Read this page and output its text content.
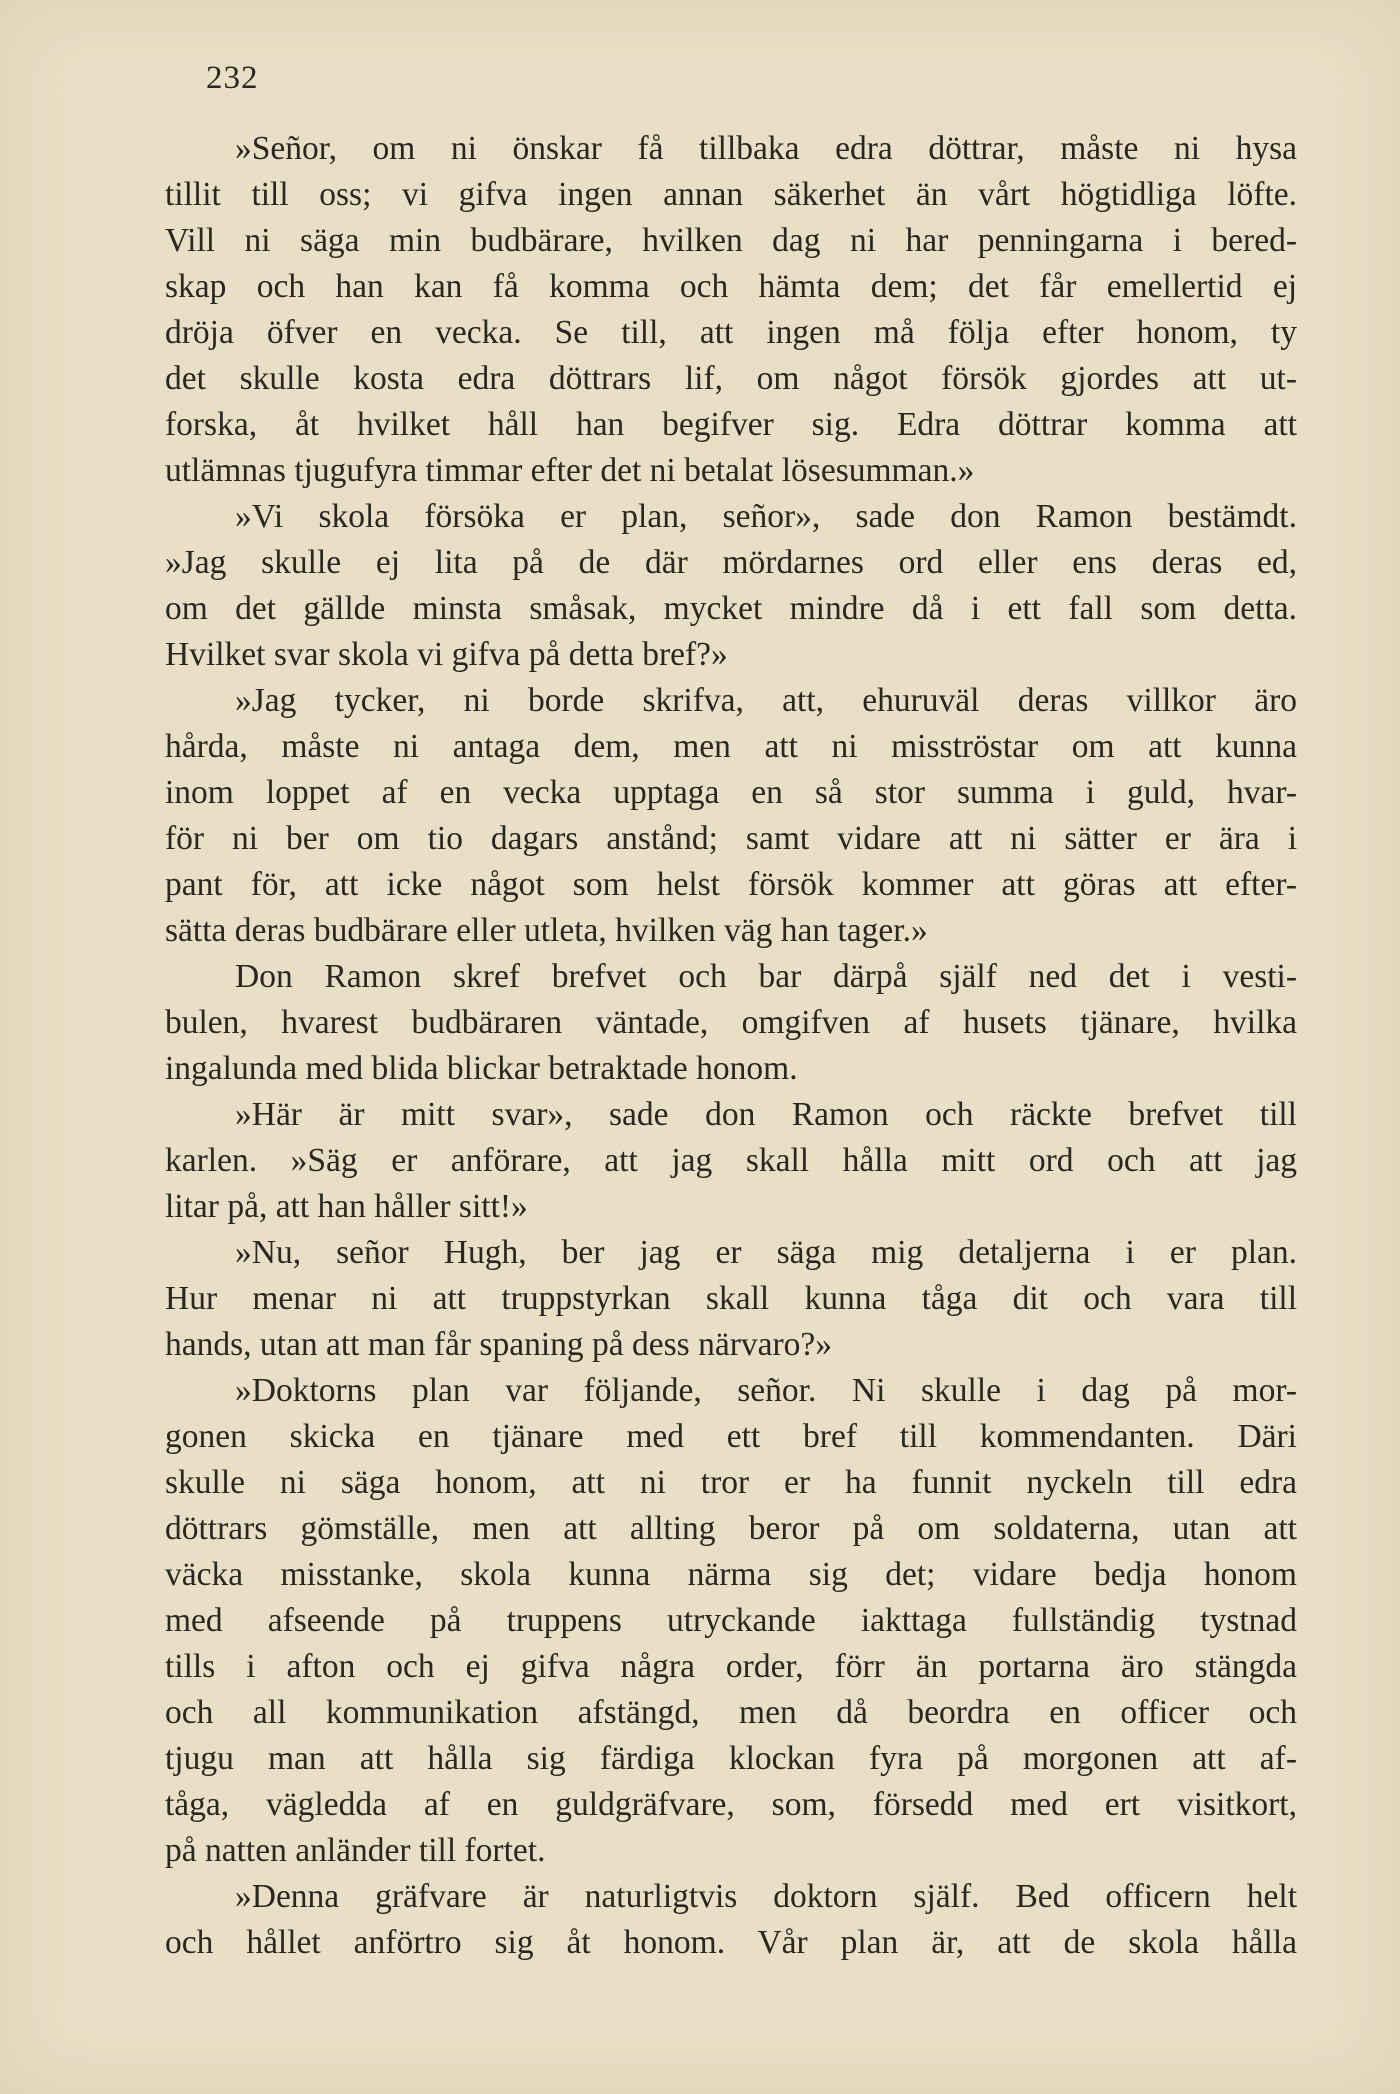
232
»Señor, om ni önskar få tillbaka edra döttrar, måste ni hysa
tillit till oss; vi gifva ingen annan säkerhet än vårt högtidliga löfte.
Vill ni säga min budbärare, hvilken dag ni har penningarna i bered-
skap och han kan få komma och hämta dem; det får emellertid ej
dröja öfver en vecka. Se till, att ingen må följa efter honom, ty
det skulle kosta edra döttrars lif, om något försök gjordes att ut-
forska, åt hvilket håll han begifver sig. Edra döttrar komma att
utlämnas tjugufyra timmar efter det ni betalat lösesumman.»
»Vi skola försöka er plan, señor», sade don Ramon bestämdt.
»Jag skulle ej lita på de där mördarnes ord eller ens deras ed,
om det gällde minsta småsak, mycket mindre då i ett fall som detta.
Hvilket svar skola vi gifva på detta bref?»
»Jag tycker, ni borde skrifva, att, ehuruväl deras villkor äro
hårda, måste ni antaga dem, men att ni misströstar om att kunna
inom loppet af en vecka upptaga en så stor summa i guld, hvar-
för ni ber om tio dagars anstånd; samt vidare att ni sätter er ära i
pant för, att icke något som helst försök kommer att göras att efter-
sätta deras budbärare eller utleta, hvilken väg han tager.»
Don Ramon skref brefvet och bar därpå själf ned det i vesti-
bulen, hvarest budbäraren väntade, omgifven af husets tjänare, hvilka
ingalunda med blida blickar betraktade honom.
»Här är mitt svar», sade don Ramon och räckte brefvet till
karlen. »Säg er anförare, att jag skall hålla mitt ord och att jag
litar på, att han håller sitt!»
»Nu, señor Hugh, ber jag er säga mig detaljerna i er plan.
Hur menar ni att truppstyrkan skall kunna tåga dit och vara till
hands, utan att man får spaning på dess närvaro?»
»Doktorns plan var följande, señor. Ni skulle i dag på mor-
gonen skicka en tjänare med ett bref till kommendanten. Däri
skulle ni säga honom, att ni tror er ha funnit nyckeln till edra
döttrars gömställe, men att allting beror på om soldaterna, utan att
väcka misstanke, skola kunna närma sig det; vidare bedja honom
med afseende på truppens utryckande iakttaga fullständig tystnad
tills i afton och ej gifva några order, förr än portarna äro stängda
och all kommunikation afstängd, men då beordra en officer och
tjugu man att hålla sig färdiga klockan fyra på morgonen att af-
tåga, vägledda af en guldgräfvare, som, försedd med ert visitkort,
på natten anländer till fortet.
»Denna gräfvare är naturligtvis doktorn själf. Bed officern helt
och hållet anförtro sig åt honom. Vår plan är, att de skola hålla
